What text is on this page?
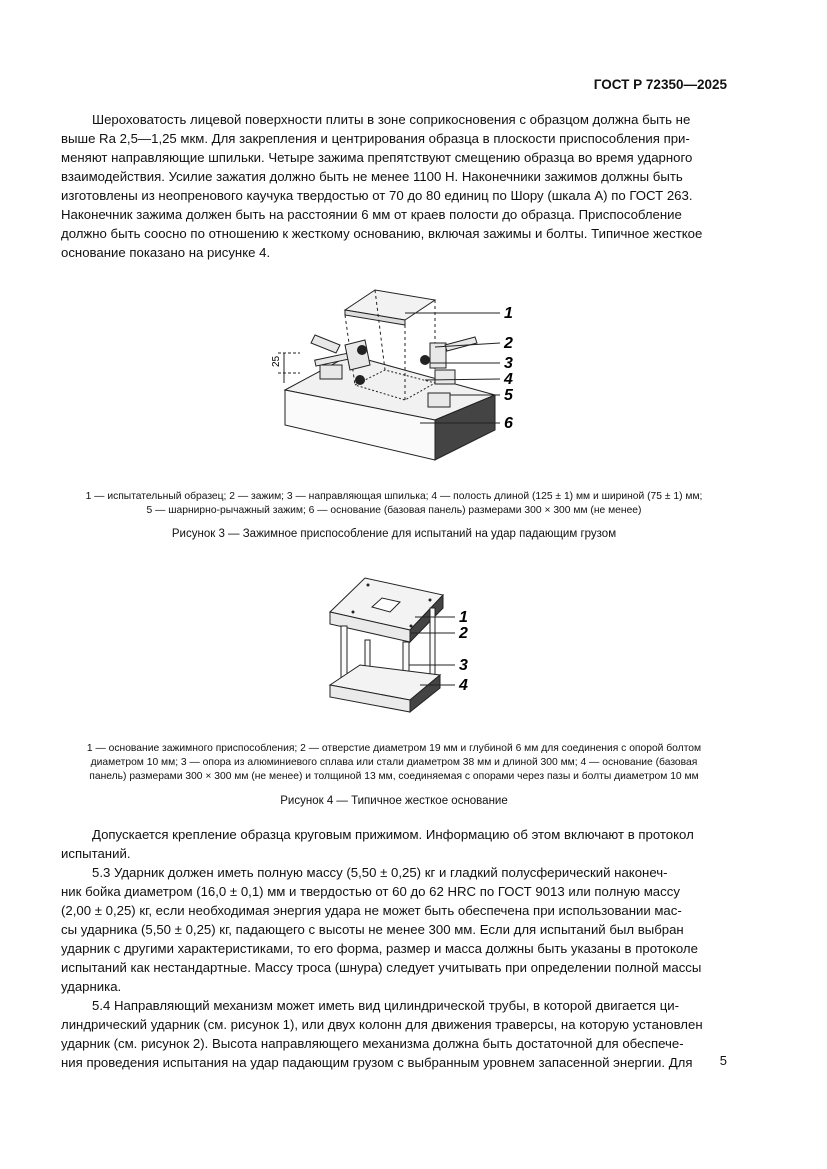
ГОСТ Р 72350—2025
Шероховатость лицевой поверхности плиты в зоне соприкосновения с образцом должна быть не
выше Ra 2,5—1,25 мкм. Для закрепления и центрирования образца в плоскости приспособления при-
меняют направляющие шпильки. Четыре зажима препятствуют смещению образца во время ударного
взаимодействия. Усилие зажатия должно быть не менее 1100 Н. Наконечники зажимов должны быть
изготовлены из неопренового каучука твердостью от 70 до 80 единиц по Шору (шкала А) по ГОСТ 263.
Наконечник зажима должен быть на расстоянии 6 мм от краев полости до образца. Приспособление
должно быть соосно по отношению к жесткому основанию, включая зажимы и болты. Типичное жесткое
основание показано на рисунке 4.
25
1
2
3
4
5
6
1 — испытательный образец; 2 — зажим; 3 — направляющая шпилька; 4 — полость длиной (125 ± 1) мм и шириной (75 ± 1) мм;
5 — шарнирно-рычажный зажим; 6 — основание (базовая панель) размерами 300 × 300 мм (не менее)
Рисунок 3 — Зажимное приспособление для испытаний на удар падающим грузом
1
2
3
4
1 — основание зажимного приспособления; 2 — отверстие диаметром 19 мм и глубиной 6 мм для соединения с опорой болтом
диаметром 10 мм; 3 — опора из алюминиевого сплава или стали диаметром 38 мм и длиной 300 мм; 4 — основание (базовая
панель) размерами 300 × 300 мм (не менее) и толщиной 13 мм, соединяемая с опорами через пазы и болты диаметром 10 мм
Рисунок 4 — Типичное жесткое основание
Допускается крепление образца круговым прижимом. Информацию об этом включают в протокол
испытаний.
5.3 Ударник должен иметь полную массу (5,50 ± 0,25) кг и гладкий полусферический наконеч-
ник бойка диаметром (16,0 ± 0,1) мм и твердостью от 60 до 62 HRC по ГОСТ 9013 или полную массу
(2,00 ± 0,25) кг, если необходимая энергия удара не может быть обеспечена при использовании мас-
сы ударника (5,50 ± 0,25) кг, падающего с высоты не менее 300 мм. Если для испытаний был выбран
ударник с другими характеристиками, то его форма, размер и масса должны быть указаны в протоколе
испытаний как нестандартные. Массу троса (шнура) следует учитывать при определении полной массы
ударника.
5.4 Направляющий механизм может иметь вид цилиндрической трубы, в которой двигается ци-
линдрический ударник (см. рисунок 1), или двух колонн для движения траверсы, на которую установлен
ударник (см. рисунок 2). Высота направляющего механизма должна быть достаточной для обеспече-
ния проведения испытания на удар падающим грузом с выбранным уровнем запасенной энергии. Для	5
